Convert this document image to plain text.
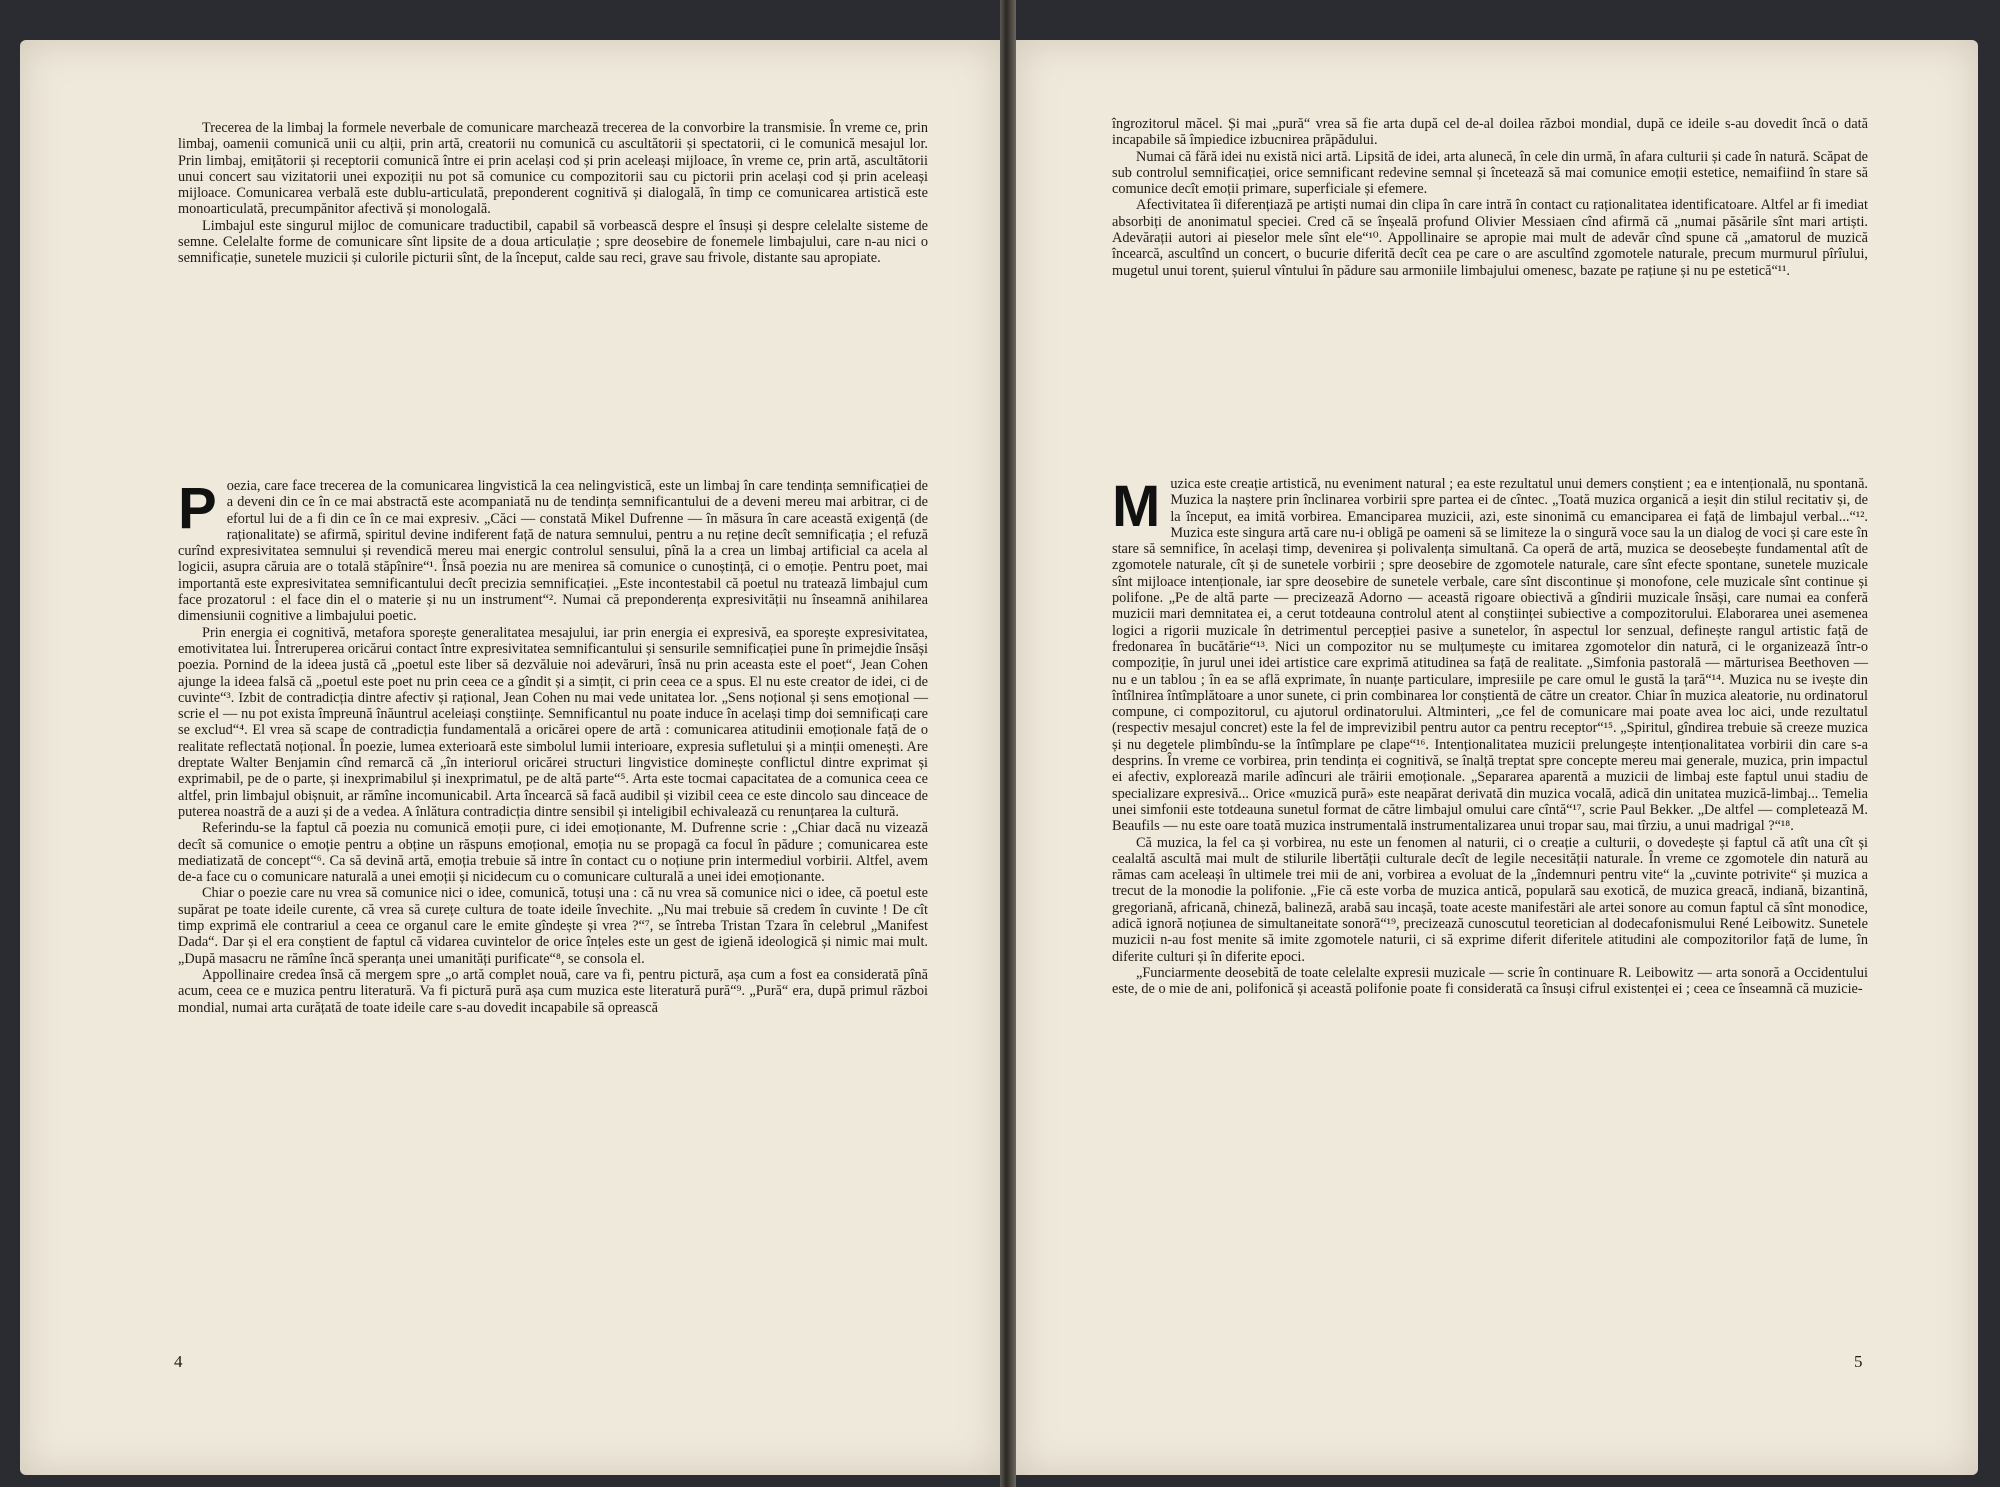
Trecerea de la limbaj la formele neverbale de comunicare marchează trecerea de la convorbire la transmisie. În vreme ce, prin limbaj, oamenii comunică unii cu alții, prin artă, creatorii nu comunică cu ascultătorii și spectatorii, ci le comunică mesajul lor. Prin limbaj, emițătorii și receptorii comunică între ei prin același cod și prin aceleași mijloace, în vreme ce, prin artă, ascultătorii unui concert sau vizitatorii unei expoziții nu pot să comunice cu compozitorii sau cu pictorii prin același cod și prin aceleași mijloace. Comunicarea verbală este dublu-articulată, preponderent cognitivă și dialogală, în timp ce comunicarea artistică este monoarticulată, precumpănitor afectivă și monologală.

Limbajul este singurul mijloc de comunicare traductibil, capabil să vorbească despre el însuși și despre celelalte sisteme de semne. Celelalte forme de comunicare sînt lipsite de a doua articulație ; spre deosebire de fonemele limbajului, care n-au nici o semnificație, sunetele muzicii și culorile picturii sînt, de la început, calde sau reci, grave sau frivole, distante sau apropiate.

P oezia, care face trecerea de la comunicarea lingvistică la cea nelingvistică, este un limbaj în care tendința semnificației de a deveni din ce în ce mai abstractă este acompaniată nu de tendința semnificantului de a deveni mereu mai arbitrar, ci de efortul lui de a fi din ce în ce mai expresiv. „Căci — constată Mikel Dufrenne — în măsura în care această exigență (de raționalitate) se afirmă, spiritul devine indiferent față de natura semnului, pentru a nu reține decît semnificația ; el refuză curînd expresivitatea semnului și revendică mereu mai energic controlul sensului, pînă la a crea un limbaj artificial ca acela al logicii, asupra căruia are o totală stăpînire“¹. Însă poezia nu are menirea să comunice o cunoștință, ci o emoție. Pentru poet, mai importantă este expresivitatea semnificantului decît precizia semnificației. „Este incontestabil că poetul nu tratează limbajul cum face prozatorul : el face din el o materie și nu un instrument“². Numai că preponderența expresivității nu înseamnă anihilarea dimensiunii cognitive a limbajului poetic.

Prin energia ei cognitivă, metafora sporește generalitatea mesajului, iar prin energia ei expresivă, ea sporește expresivitatea, emotivitatea lui. Întreruperea oricărui contact între expresivitatea semnificantului și sensurile semnificației pune în primejdie însăși poezia. Pornind de la ideea justă că „poetul este liber să dezvăluie noi adevăruri, însă nu prin aceasta este el poet“, Jean Cohen ajunge la ideea falsă că „poetul este poet nu prin ceea ce a gîndit și a simțit, ci prin ceea ce a spus. El nu este creator de idei, ci de cuvinte“³. Izbit de contradicția dintre afectiv și rațional, Jean Cohen nu mai vede unitatea lor. „Sens noțional și sens emoțional — scrie el — nu pot exista împreună înăuntrul aceleiași conștiințe. Semnificantul nu poate induce în același timp doi semnificați care se exclud“⁴. El vrea să scape de contradicția fundamentală a oricărei opere de artă : comunicarea atitudinii emoționale față de o realitate reflectată noțional. În poezie, lumea exterioară este simbolul lumii interioare, expresia sufletului și a minții omenești. Are dreptate Walter Benjamin cînd remarcă că „în interiorul oricărei structuri lingvistice dominește conflictul dintre exprimat și exprimabil, pe de o parte, și inexprimabilul și inexprimatul, pe de altă parte“⁵. Arta este tocmai capacitatea de a comunica ceea ce altfel, prin limbajul obișnuit, ar rămîne incomunicabil. Arta încearcă să facă audibil și vizibil ceea ce este dincolo sau dinceace de puterea noastră de a auzi și de a vedea. A înlătura contradicția dintre sensibil și inteligibil echivalează cu renunțarea la cultură.

Referindu-se la faptul că poezia nu comunică emoții pure, ci idei emoționante, M. Dufrenne scrie : „Chiar dacă nu vizează decît să comunice o emoție pentru a obține un răspuns emoțional, emoția nu se propagă ca focul în pădure ; comunicarea este mediatizată de concept“⁶. Ca să devină artă, emoția trebuie să intre în contact cu o noțiune prin intermediul vorbirii. Altfel, avem de-a face cu o comunicare naturală a unei emoții și nicidecum cu o comunicare culturală a unei idei emoționante.

Chiar o poezie care nu vrea să comunice nici o idee, comunică, totuși una : că nu vrea să comunice nici o idee, că poetul este supărat pe toate ideile curente, că vrea să curețe cultura de toate ideile învechite. „Nu mai trebuie să credem în cuvinte ! De cît timp exprimă ele contrariul a ceea ce organul care le emite gîndește și vrea ?“⁷, se întreba Tristan Tzara în celebrul „Manifest Dada“. Dar și el era conștient de faptul că vidarea cuvintelor de orice înțeles este un gest de igienă ideologică și nimic mai mult. „După masacru ne rămîne încă speranța unei umanități purificate“⁸, se consola el.

Appollinaire credea însă că mergem spre „o artă complet nouă, care va fi, pentru pictură, așa cum a fost ea considerată pînă acum, ceea ce e muzica pentru literatură. Va fi pictură pură așa cum muzica este literatură pură“⁹. „Pură“ era, după primul război mondial, numai arta curățată de toate ideile care s-au dovedit incapabile să oprească

4

îngrozitorul măcel. Și mai „pură“ vrea să fie arta după cel de-al doilea război mondial, după ce ideile s-au dovedit încă o dată incapabile să împiedice izbucnirea prăpădului.

Numai că fără idei nu există nici artă. Lipsită de idei, arta alunecă, în cele din urmă, în afara culturii și cade în natură. Scăpat de sub controlul semnificației, orice semnificant redevine semnal și încetează să mai comunice emoții estetice, nemaifiind în stare să comunice decît emoții primare, superficiale și efemere.

Afectivitatea îi diferențiază pe artiști numai din clipa în care intră în contact cu raționalitatea identificatoare. Altfel ar fi imediat absorbiți de anonimatul speciei. Cred că se înșeală profund Olivier Messiaen cînd afirmă că „numai păsările sînt mari artiști. Adevărații autori ai pieselor mele sînt ele“¹⁰. Appollinaire se apropie mai mult de adevăr cînd spune că „amatorul de muzică încearcă, ascultînd un concert, o bucurie diferită decît cea pe care o are ascultînd zgomotele naturale, precum murmurul pîrîului, mugetul unui torent, șuierul vîntului în pădure sau armoniile limbajului omenesc, bazate pe rațiune și nu pe estetică“¹¹.

M uzica este creație artistică, nu eveniment natural ; ea este rezultatul unui demers conștient ; ea e intențională, nu spontană. Muzica la naștere prin înclinarea vorbirii spre partea ei de cîntec. „Toată muzica organică a ieșit din stilul recitativ și, de la început, ea imită vorbirea. Emanciparea muzicii, azi, este sinonimă cu emanciparea ei față de limbajul verbal...“¹². Muzica este singura artă care nu-i obligă pe oameni să se limiteze la o singură voce sau la un dialog de voci și care este în stare să semnifice, în același timp, devenirea și polivalența simultană. Ca operă de artă, muzica se deosebește fundamental atît de zgomotele naturale, cît și de sunetele vorbirii ; spre deosebire de zgomotele naturale, care sînt efecte spontane, sunetele muzicale sînt mijloace intenționale, iar spre deosebire de sunetele verbale, care sînt discontinue și monofone, cele muzicale sînt continue și polifone. „Pe de altă parte — precizează Adorno — această rigoare obiectivă a gîndirii muzicale însăși, care numai ea conferă muzicii mari demnitatea ei, a cerut totdeauna controlul atent al conștiinței subiective a compozitorului. Elaborarea unei asemenea logici a rigorii muzicale în detrimentul percepției pasive a sunetelor, în aspectul lor senzual, definește rangul artistic față de fredonarea în bucătărie“¹³. Nici un compozitor nu se mulțumește cu imitarea zgomotelor din natură, ci le organizează într-o compoziție, în jurul unei idei artistice care exprimă atitudinea sa față de realitate. „Simfonia pastorală — mărturisea Beethoven — nu e un tablou ; în ea se află exprimate, în nuanțe particulare, impresiile pe care omul le gustă la țară“¹⁴. Muzica nu se ivește din întîlnirea întîmplătoare a unor sunete, ci prin combinarea lor conștientă de către un creator. Chiar în muzica aleatorie, nu ordinatorul compune, ci compozitorul, cu ajutorul ordinatorului. Altminteri, „ce fel de comunicare mai poate avea loc aici, unde rezultatul (respectiv mesajul concret) este la fel de imprevizibil pentru autor ca pentru receptor“¹⁵. „Spiritul, gîndirea trebuie să creeze muzica și nu degetele plimbîndu-se la întîmplare pe clape“¹⁶. Intenționalitatea muzicii prelungește intenționalitatea vorbirii din care s-a desprins. În vreme ce vorbirea, prin tendința ei cognitivă, se înalță treptat spre concepte mereu mai generale, muzica, prin impactul ei afectiv, explorează marile adîncuri ale trăirii emoționale. „Separarea aparentă a muzicii de limbaj este faptul unui stadiu de specializare expresivă... Orice «muzică pură» este neapărat derivată din muzica vocală, adică din unitatea muzică-limbaj... Temelia unei simfonii este totdeauna sunetul format de către limbajul omului care cîntă“¹⁷, scrie Paul Bekker. „De altfel — completează M. Beaufils — nu este oare toată muzica instrumentală instrumentalizarea unui tropar sau, mai tîrziu, a unui madrigal ?“¹⁸.

Că muzica, la fel ca și vorbirea, nu este un fenomen al naturii, ci o creație a culturii, o dovedește și faptul că atît una cît și cealaltă ascultă mai mult de stilurile libertății culturale decît de legile necesității naturale. În vreme ce zgomotele din natură au rămas cam aceleași în ultimele trei mii de ani, vorbirea a evoluat de la „îndemnuri pentru vite“ la „cuvinte potrivite“ și muzica a trecut de la monodie la polifonie. „Fie că este vorba de muzica antică, populară sau exotică, de muzica greacă, indiană, bizantină, gregoriană, africană, chineză, balineză, arabă sau incașă, toate aceste manifestări ale artei sonore au comun faptul că sînt monodice, adică ignoră noțiunea de simultaneitate sonoră“¹⁹, precizează cunoscutul teoretician al dodecafonismului René Leibowitz. Sunetele muzicii n-au fost menite să imite zgomotele naturii, ci să exprime diferit diferitele atitudini ale compozitorilor față de lume, în diferite culturi și în diferite epoci.

„Funciarmente deosebită de toate celelalte expresii muzicale — scrie în continuare R. Leibowitz — arta sonoră a Occidentului este, de o mie de ani, polifonică și această polifonie poate fi considerată ca însuși cifrul existenței ei ; ceea ce înseamnă că muzicie-

5
